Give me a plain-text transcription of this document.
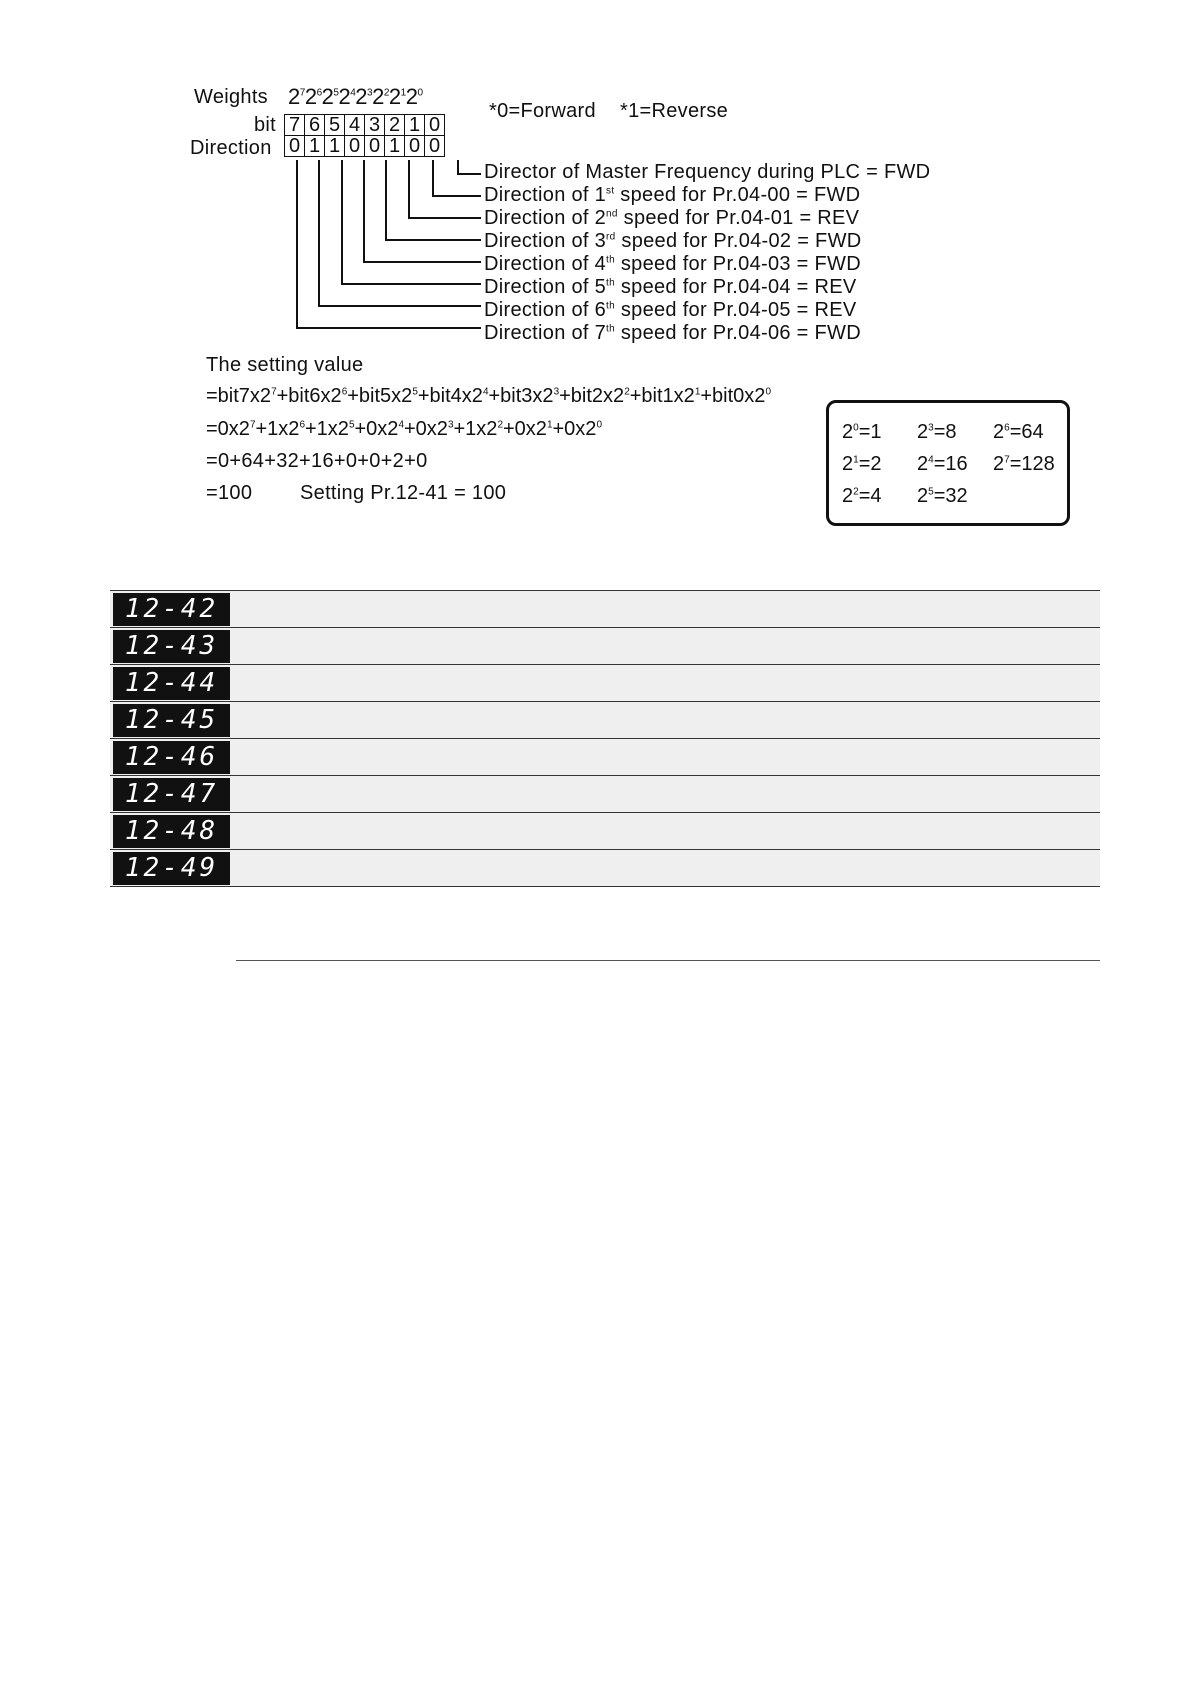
Weights $2^72^62^52^42^32^22^12^0$
*0=Forward *1=Reverse
bit
Direction
7	6	5	4	3	2	1	0
0	1	1	0	0	1	0	0
Director of Master Frequency during PLC = FWD
Direction of 1st speed for Pr.04-00 = FWD
Direction of 2nd speed for Pr.04-01 = REV
Direction of 3rd speed for Pr.04-02 = FWD
Direction of 4th speed for Pr.04-03 = FWD
Direction of 5th speed for Pr.04-04 = REV
Direction of 6th speed for Pr.04-05 = REV
Direction of 7th speed for Pr.04-06 = FWD
The setting value
$=bit7x2^7+bit6x2^6+bit5x2^5+bit4x2^4+bit3x2^3+bit2x2^2+bit1x2^1+bit0x2^0$
$=0x2^7+1x2^6+1x2^5+0x2^4+0x2^3+1x2^2+0x2^1+0x2^0$
=0+64+32+16+0+0+2+0
=100 Setting Pr.12-41 = 100
$2^0=1$ $2^3=8$ $2^6=64$
$2^1=2$ $2^4=16$ $2^7=128$
$2^2=4$ $2^5=32$
12-42
12-43
12-44
12-45
12-46
12-47
12-48
12-49
